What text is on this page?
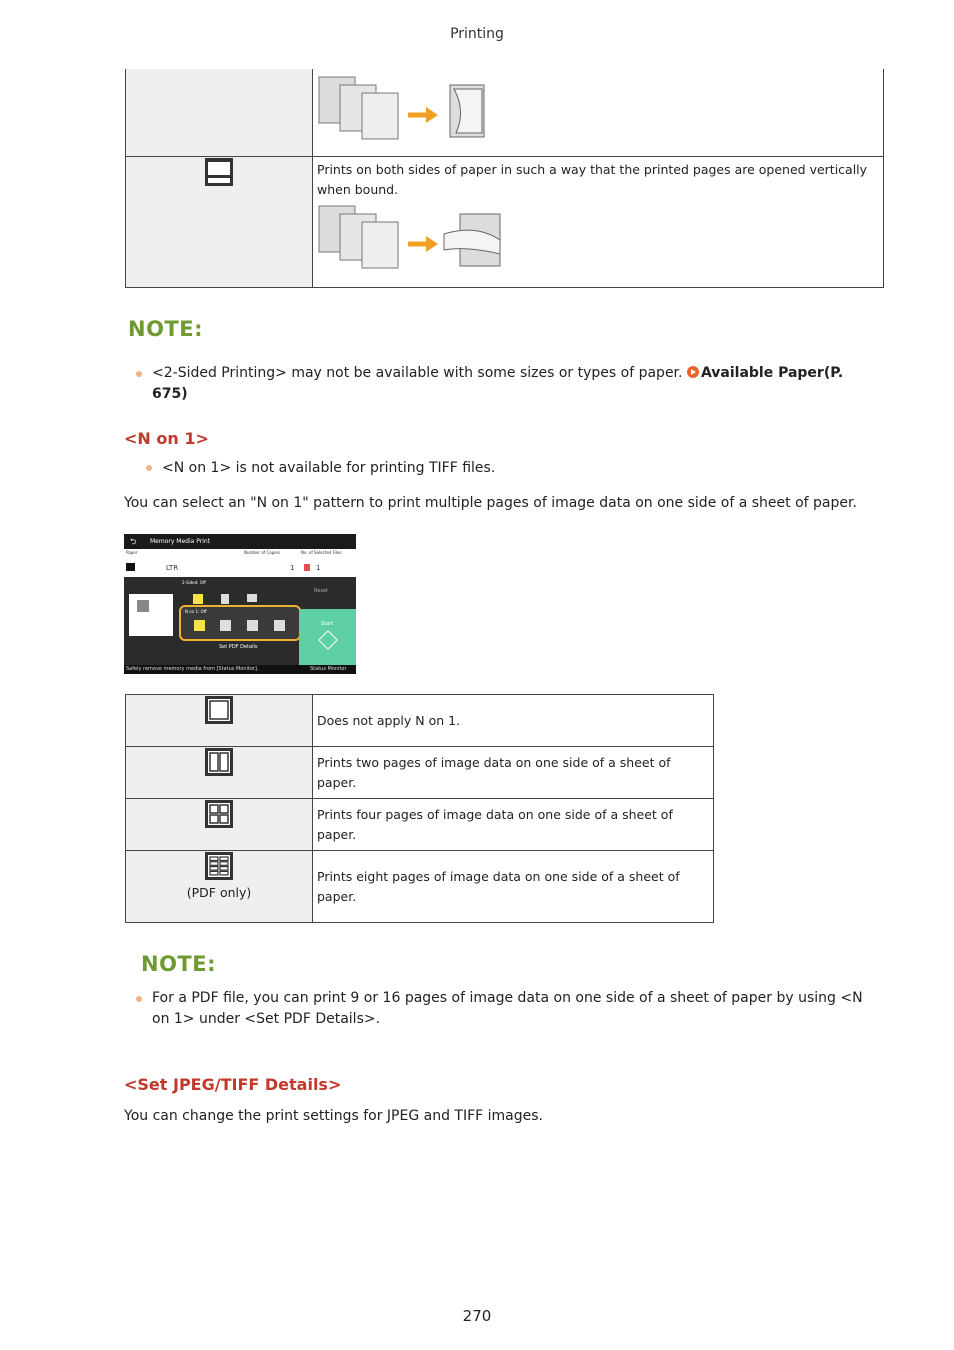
Printing

Prints on both sides of paper in such a way that the printed pages are opened vertically when bound.
NOTE:
<2-Sided Printing> may not be available with some sizes or types of paper. Available Paper(P. 675)
<N on 1>
<N on 1> is not available for printing TIFF files.
You can select an "N on 1" pattern to print multiple pages of image data on one side of a sheet of paper.
⮌ Memory Media Print
Paper	Number of Copies	No. of Selected Files
LTR	1	1
2-Sided: Off
N on 1: Off
Set PDF Details
Reset
Start
Safely remove memory media from [Status Monitor].	Status Monitor

Does not apply N on 1.

Prints two pages of image data on one side of a sheet of paper.

Prints four pages of image data on one side of a sheet of paper.

(PDF only)	Prints eight pages of image data on one side of a sheet of paper.
NOTE:
For a PDF file, you can print 9 or 16 pages of image data on one side of a sheet of paper by using <N on 1> under <Set PDF Details>.
<Set JPEG/TIFF Details>
You can change the print settings for JPEG and TIFF images.
270
